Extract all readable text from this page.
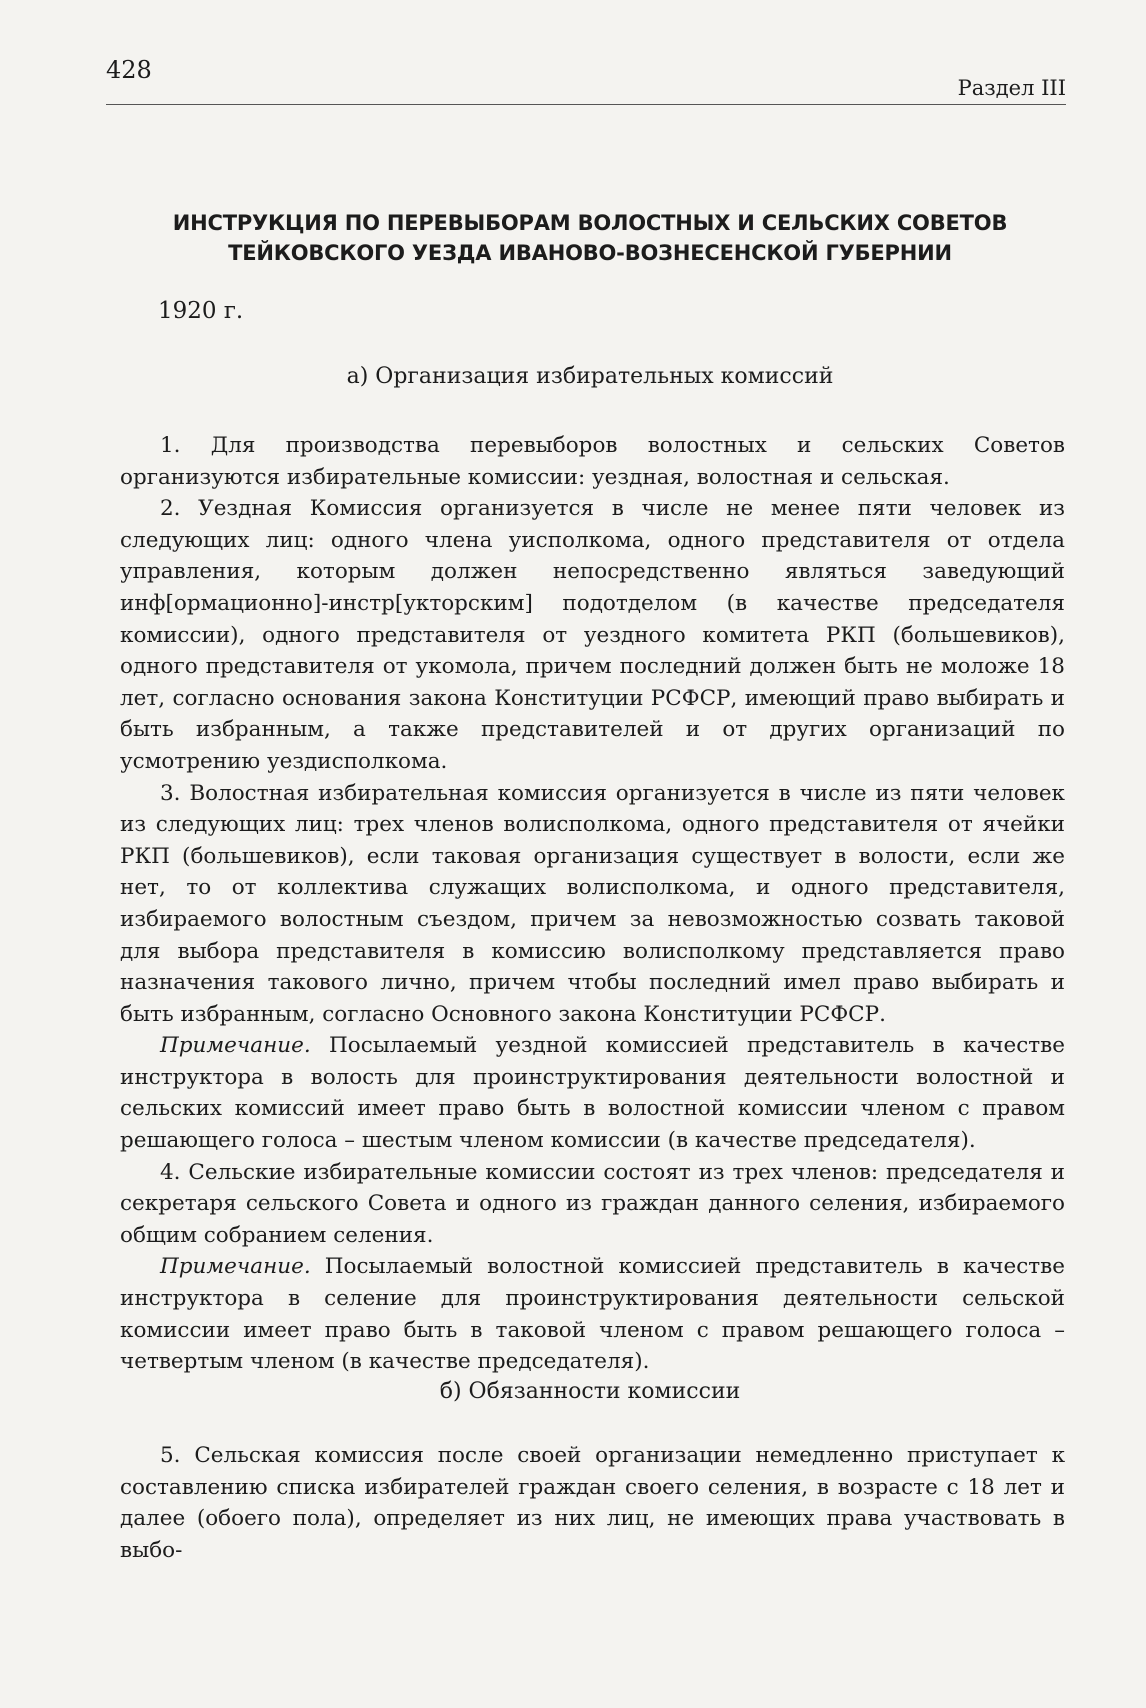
428
Раздел III
ИНСТРУКЦИЯ ПО ПЕРЕВЫБОРАМ ВОЛОСТНЫХ И СЕЛЬСКИХ СОВЕТОВ
ТЕЙКОВСКОГО УЕЗДА ИВАНОВО-ВОЗНЕСЕНСКОЙ ГУБЕРНИИ
1920 г.
а) Организация избирательных комиссий

1. Для производства перевыборов волостных и сельских Советов организуются избирательные комиссии: уездная, волостная и сельская.

2. Уездная Комиссия организуется в числе не менее пяти человек из следующих лиц: одного члена уисполкома, одного представителя от отдела управления, которым должен непосредственно являться заведующий инф[ормационно]-инстр[укторским] подотделом (в качестве председателя комиссии), одного представителя от уездного комитета РКП (большевиков), одного представителя от укомола, причем последний должен быть не моложе 18 лет, согласно основания закона Конституции РСФСР, имеющий право выбирать и быть избранным, а также представителей и от других организаций по усмотрению уездисполкома.

3. Волостная избирательная комиссия организуется в числе из пяти человек из следующих лиц: трех членов волисполкома, одного представителя от ячейки РКП (большевиков), если таковая организация существует в волости, если же нет, то от коллектива служащих волисполкома, и одного представителя, избираемого волостным съездом, причем за невозможностью созвать таковой для выбора представителя в комиссию волисполкому представляется право назначения такового лично, причем чтобы последний имел право выбирать и быть избранным, согласно Основного закона Конституции РСФСР.

Примечание. Посылаемый уездной комиссией представитель в качестве инструктора в волость для проинструктирования деятельности волостной и сельских комиссий имеет право быть в волостной комиссии членом с правом решающего голоса – шестым членом комиссии (в качестве председателя).

4. Сельские избирательные комиссии состоят из трех членов: председателя и секретаря сельского Совета и одного из граждан данного селения, избираемого общим собранием селения.

Примечание. Посылаемый волостной комиссией представитель в качестве инструктора в селение для проинструктирования деятельности сельской комиссии имеет право быть в таковой членом с правом решающего голоса – четвертым членом (в качестве председателя).

б) Обязанности комиссии

5. Сельская комиссия после своей организации немедленно приступает к составлению списка избирателей граждан своего селения, в возрасте с 18 лет и далее (обоего пола), определяет из них лиц, не имеющих права участвовать в выбо-
